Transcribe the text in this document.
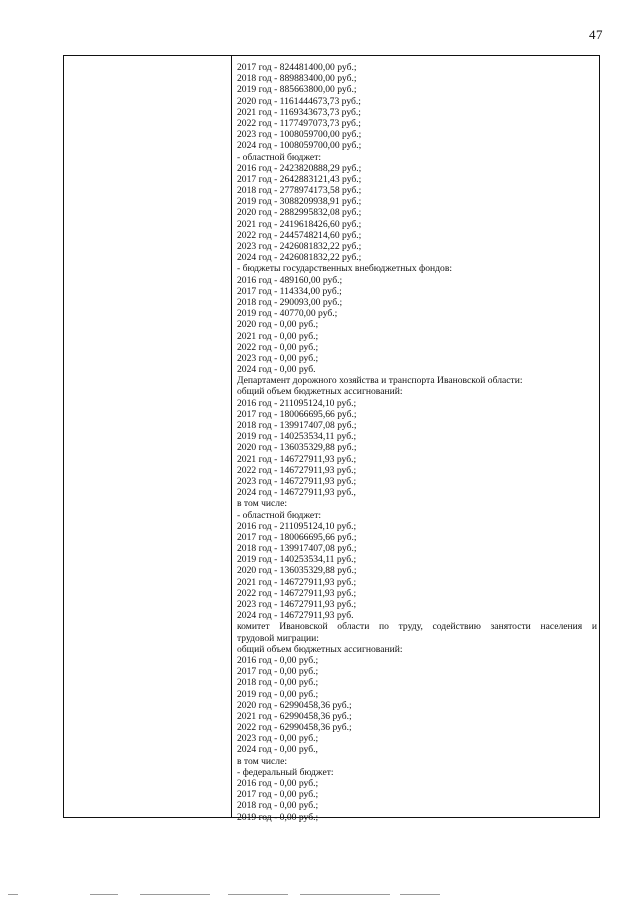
47
2017 год - 824481400,00 руб.;
2018 год - 889883400,00 руб.;
2019 год - 885663800,00 руб.;
2020 год - 1161444673,73 руб.;
2021 год - 1169343673,73 руб.;
2022 год - 1177497073,73 руб.;
2023 год - 1008059700,00 руб.;
2024 год - 1008059700,00 руб.;
- областной бюджет:
2016 год - 2423820888,29 руб.;
2017 год - 2642883121,43 руб.;
2018 год - 2778974173,58 руб.;
2019 год - 3088209938,91 руб.;
2020 год - 2882995832,08 руб.;
2021 год - 2419618426,60 руб.;
2022 год - 2445748214,60 руб.;
2023 год - 2426081832,22 руб.;
2024 год - 2426081832,22 руб.;
- бюджеты государственных внебюджетных фондов:
2016 год - 489160,00 руб.;
2017 год - 114334,00 руб.;
2018 год - 290093,00 руб.;
2019 год - 40770,00 руб.;
2020 год - 0,00 руб.;
2021 год - 0,00 руб.;
2022 год - 0,00 руб.;
2023 год - 0,00 руб.;
2024 год - 0,00 руб.
Департамент дорожного хозяйства и транспорта Ивановской области:
общий объем бюджетных ассигнований:
2016 год - 211095124,10 руб.;
2017 год - 180066695,66 руб.;
2018 год - 139917407,08 руб.;
2019 год - 140253534,11 руб.;
2020 год - 136035329,88 руб.;
2021 год - 146727911,93 руб.;
2022 год - 146727911,93 руб.;
2023 год - 146727911,93 руб.;
2024 год - 146727911,93 руб.,
в том числе:
- областной бюджет:
2016 год - 211095124,10 руб.;
2017 год - 180066695,66 руб.;
2018 год - 139917407,08 руб.;
2019 год - 140253534,11 руб.;
2020 год - 136035329,88 руб.;
2021 год - 146727911,93 руб.;
2022 год - 146727911,93 руб.;
2023 год - 146727911,93 руб.;
2024 год - 146727911,93 руб.
комитет Ивановской области по труду, содействию занятости населения и
трудовой миграции:
общий объем бюджетных ассигнований:
2016 год - 0,00 руб.;
2017 год - 0,00 руб.;
2018 год - 0,00 руб.;
2019 год - 0,00 руб.;
2020 год - 62990458,36 руб.;
2021 год - 62990458,36 руб.;
2022 год - 62990458,36 руб.;
2023 год - 0,00 руб.;
2024 год - 0,00 руб.,
в том числе:
- федеральный бюджет:
2016 год - 0,00 руб.;
2017 год - 0,00 руб.;
2018 год - 0,00 руб.;
2019 год - 0,00 руб.;
